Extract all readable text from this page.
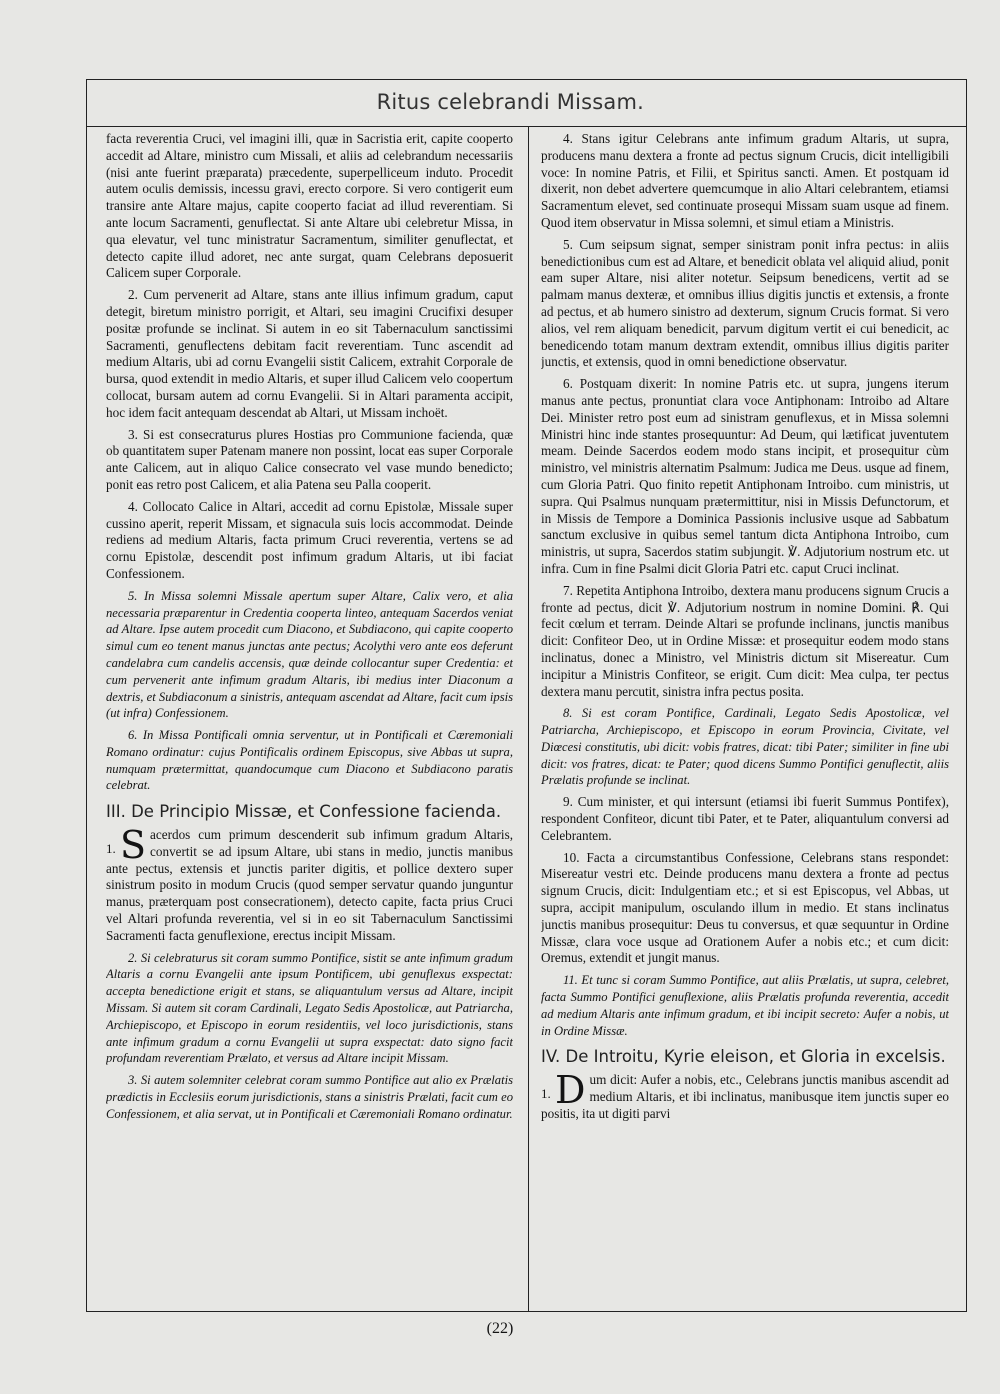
Ritus celebrandi Missam.

facta reverentia Cruci, vel imagini illi, quæ in Sacristia erit, capite cooperto accedit ad Altare, ministro cum Missali, et aliis ad celebrandum necessariis (nisi ante fuerint præparata) præcedente, superpelliceum induto. Procedit autem oculis demissis, incessu gravi, erecto corpore. Si vero contigerit eum transire ante Altare majus, capite cooperto faciat ad illud reverentiam. Si ante locum Sacramenti, genuflectat. Si ante Altare ubi celebretur Missa, in qua elevatur, vel tunc ministratur Sacramentum, similiter genuflectat, et detecto capite illud adoret, nec ante surgat, quam Celebrans deposuerit Calicem super Corporale.

2. Cum pervenerit ad Altare, stans ante illius infimum gradum, caput detegit, biretum ministro porrigit, et Altari, seu imagini Crucifixi desuper positæ profunde se inclinat. Si autem in eo sit Tabernaculum sanctissimi Sacramenti, genuflectens debitam facit reverentiam. Tunc ascendit ad medium Altaris, ubi ad cornu Evangelii sistit Calicem, extrahit Corporale de bursa, quod extendit in medio Altaris, et super illud Calicem velo coopertum collocat, bursam autem ad cornu Evangelii. Si in Altari paramenta accipit, hoc idem facit antequam descendat ab Altari, ut Missam inchoët.

3. Si est consecraturus plures Hostias pro Communione facienda, quæ ob quantitatem super Patenam manere non possint, locat eas super Corporale ante Calicem, aut in aliquo Calice consecrato vel vase mundo benedicto; ponit eas retro post Calicem, et alia Patena seu Palla cooperit.

4. Collocato Calice in Altari, accedit ad cornu Epistolæ, Missale super cussino aperit, reperit Missam, et signacula suis locis accommodat. Deinde rediens ad medium Altaris, facta primum Cruci reverentia, vertens se ad cornu Epistolæ, descendit post infimum gradum Altaris, ut ibi faciat Confessionem.

5. In Missa solemni Missale apertum super Altare, Calix vero, et alia necessaria præparentur in Credentia cooperta linteo, antequam Sacerdos veniat ad Altare. Ipse autem procedit cum Diacono, et Subdiacono, qui capite cooperto simul cum eo tenent manus junctas ante pectus; Acolythi vero ante eos deferunt candelabra cum candelis accensis, quæ deinde collocantur super Credentia: et cum pervenerit ante infimum gradum Altaris, ibi medius inter Diaconum a dextris, et Subdiaconum a sinistris, antequam ascendat ad Altare, facit cum ipsis (ut infra) Confessionem.

6. In Missa Pontificali omnia serventur, ut in Pontificali et Cæremoniali Romano ordinatur: cujus Pontificalis ordinem Episcopus, sive Abbas ut supra, numquam prætermittat, quandocumque cum Diacono et Subdiacono paratis celebrat.

III. De Principio Missæ, et Confessione facienda.
1. S acerdos cum primum descenderit sub infimum gradum Altaris, convertit se ad ipsum Altare, ubi stans in medio, junctis manibus ante pectus, extensis et junctis pariter digitis, et pollice dextero super sinistrum posito in modum Crucis (quod semper servatur quando junguntur manus, præterquam post consecrationem), detecto capite, facta prius Cruci vel Altari profunda reverentia, vel si in eo sit Tabernaculum Sanctissimi Sacramenti facta genuflexione, erectus incipit Missam.

2. Si celebraturus sit coram summo Pontifice, sistit se ante infimum gradum Altaris a cornu Evangelii ante ipsum Pontificem, ubi genuflexus exspectat: accepta benedictione erigit et stans, se aliquantulum versus ad Altare, incipit Missam. Si autem sit coram Cardinali, Legato Sedis Apostolicæ, aut Patriarcha, Archiepiscopo, et Episcopo in eorum residentiis, vel loco jurisdictionis, stans ante infimum gradum a cornu Evangelii ut supra exspectat: dato signo facit profundam reverentiam Prælato, et versus ad Altare incipit Missam.

3. Si autem solemniter celebrat coram summo Pontifice aut alio ex Prælatis prædictis in Ecclesiis eorum jurisdictionis, stans a sinistris Prælati, facit cum eo Confessionem, et alia servat, ut in Pontificali et Cæremoniali Romano ordinatur.

4. Stans igitur Celebrans ante infimum gradum Altaris, ut supra, producens manu dextera a fronte ad pectus signum Crucis, dicit intelligibili voce: In nomine Patris, et Filii, et Spiritus sancti. Amen. Et postquam id dixerit, non debet advertere quemcumque in alio Altari celebrantem, etiamsi Sacramentum elevet, sed continuate prosequi Missam suam usque ad finem. Quod item observatur in Missa solemni, et simul etiam a Ministris.

5. Cum seipsum signat, semper sinistram ponit infra pectus: in aliis benedictionibus cum est ad Altare, et benedicit oblata vel aliquid aliud, ponit eam super Altare, nisi aliter notetur. Seipsum benedicens, vertit ad se palmam manus dexteræ, et omnibus illius digitis junctis et extensis, a fronte ad pectus, et ab humero sinistro ad dexterum, signum Crucis format. Si vero alios, vel rem aliquam benedicit, parvum digitum vertit ei cui benedicit, ac benedicendo totam manum dextram extendit, omnibus illius digitis pariter junctis, et extensis, quod in omni benedictione observatur.

6. Postquam dixerit: In nomine Patris etc. ut supra, jungens iterum manus ante pectus, pronuntiat clara voce Antiphonam: Introibo ad Altare Dei. Minister retro post eum ad sinistram genuflexus, et in Missa solemni Ministri hinc inde stantes prosequuntur: Ad Deum, qui lætificat juventutem meam. Deinde Sacerdos eodem modo stans incipit, et prosequitur cùm ministro, vel ministris alternatim Psalmum: Judica me Deus. usque ad finem, cum Gloria Patri. Quo finito repetit Antiphonam Introibo. cum ministris, ut supra. Qui Psalmus nunquam prætermittitur, nisi in Missis Defunctorum, et in Missis de Tempore a Dominica Passionis inclusive usque ad Sabbatum sanctum exclusive in quibus semel tantum dicta Antiphona Introibo, cum ministris, ut supra, Sacerdos statim subjungit. ℣. Adjutorium nostrum etc. ut infra. Cum in fine Psalmi dicit Gloria Patri etc. caput Cruci inclinat.

7. Repetita Antiphona Introibo, dextera manu producens signum Crucis a fronte ad pectus, dicit ℣. Adjutorium nostrum in nomine Domini. ℟. Qui fecit cœlum et terram. Deinde Altari se profunde inclinans, junctis manibus dicit: Confiteor Deo, ut in Ordine Missæ: et prosequitur eodem modo stans inclinatus, donec a Ministro, vel Ministris dictum sit Misereatur. Cum incipitur a Ministris Confiteor, se erigit. Cum dicit: Mea culpa, ter pectus dextera manu percutit, sinistra infra pectus posita.

8. Si est coram Pontifice, Cardinali, Legato Sedis Apostolicæ, vel Patriarcha, Archiepiscopo, et Episcopo in eorum Provincia, Civitate, vel Diœcesi constitutis, ubi dicit: vobis fratres, dicat: tibi Pater; similiter in fine ubi dicit: vos fratres, dicat: te Pater; quod dicens Summo Pontifici genuflectit, aliis Prælatis profunde se inclinat.

9. Cum minister, et qui intersunt (etiamsi ibi fuerit Summus Pontifex), respondent Confiteor, dicunt tibi Pater, et te Pater, aliquantulum conversi ad Celebrantem.

10. Facta a circumstantibus Confessione, Celebrans stans respondet: Misereatur vestri etc. Deinde producens manu dextera a fronte ad pectus signum Crucis, dicit: Indulgentiam etc.; et si est Episcopus, vel Abbas, ut supra, accipit manipulum, osculando illum in medio. Et stans inclinatus junctis manibus prosequitur: Deus tu conversus, et quæ sequuntur in Ordine Missæ, clara voce usque ad Orationem Aufer a nobis etc.; et cum dicit: Oremus, extendit et jungit manus.

11. Et tunc si coram Summo Pontifice, aut aliis Prælatis, ut supra, celebret, facta Summo Pontifici genuflexione, aliis Prælatis profunda reverentia, accedit ad medium Altaris ante infimum gradum, et ibi incipit secreto: Aufer a nobis, ut in Ordine Missæ.

IV. De Introitu, Kyrie eleison, et Gloria in excelsis.
1. D um dicit: Aufer a nobis, etc., Celebrans junctis manibus ascendit ad medium Altaris, et ibi inclinatus, manibusque item junctis super eo positis, ita ut digiti parvi

(22)
